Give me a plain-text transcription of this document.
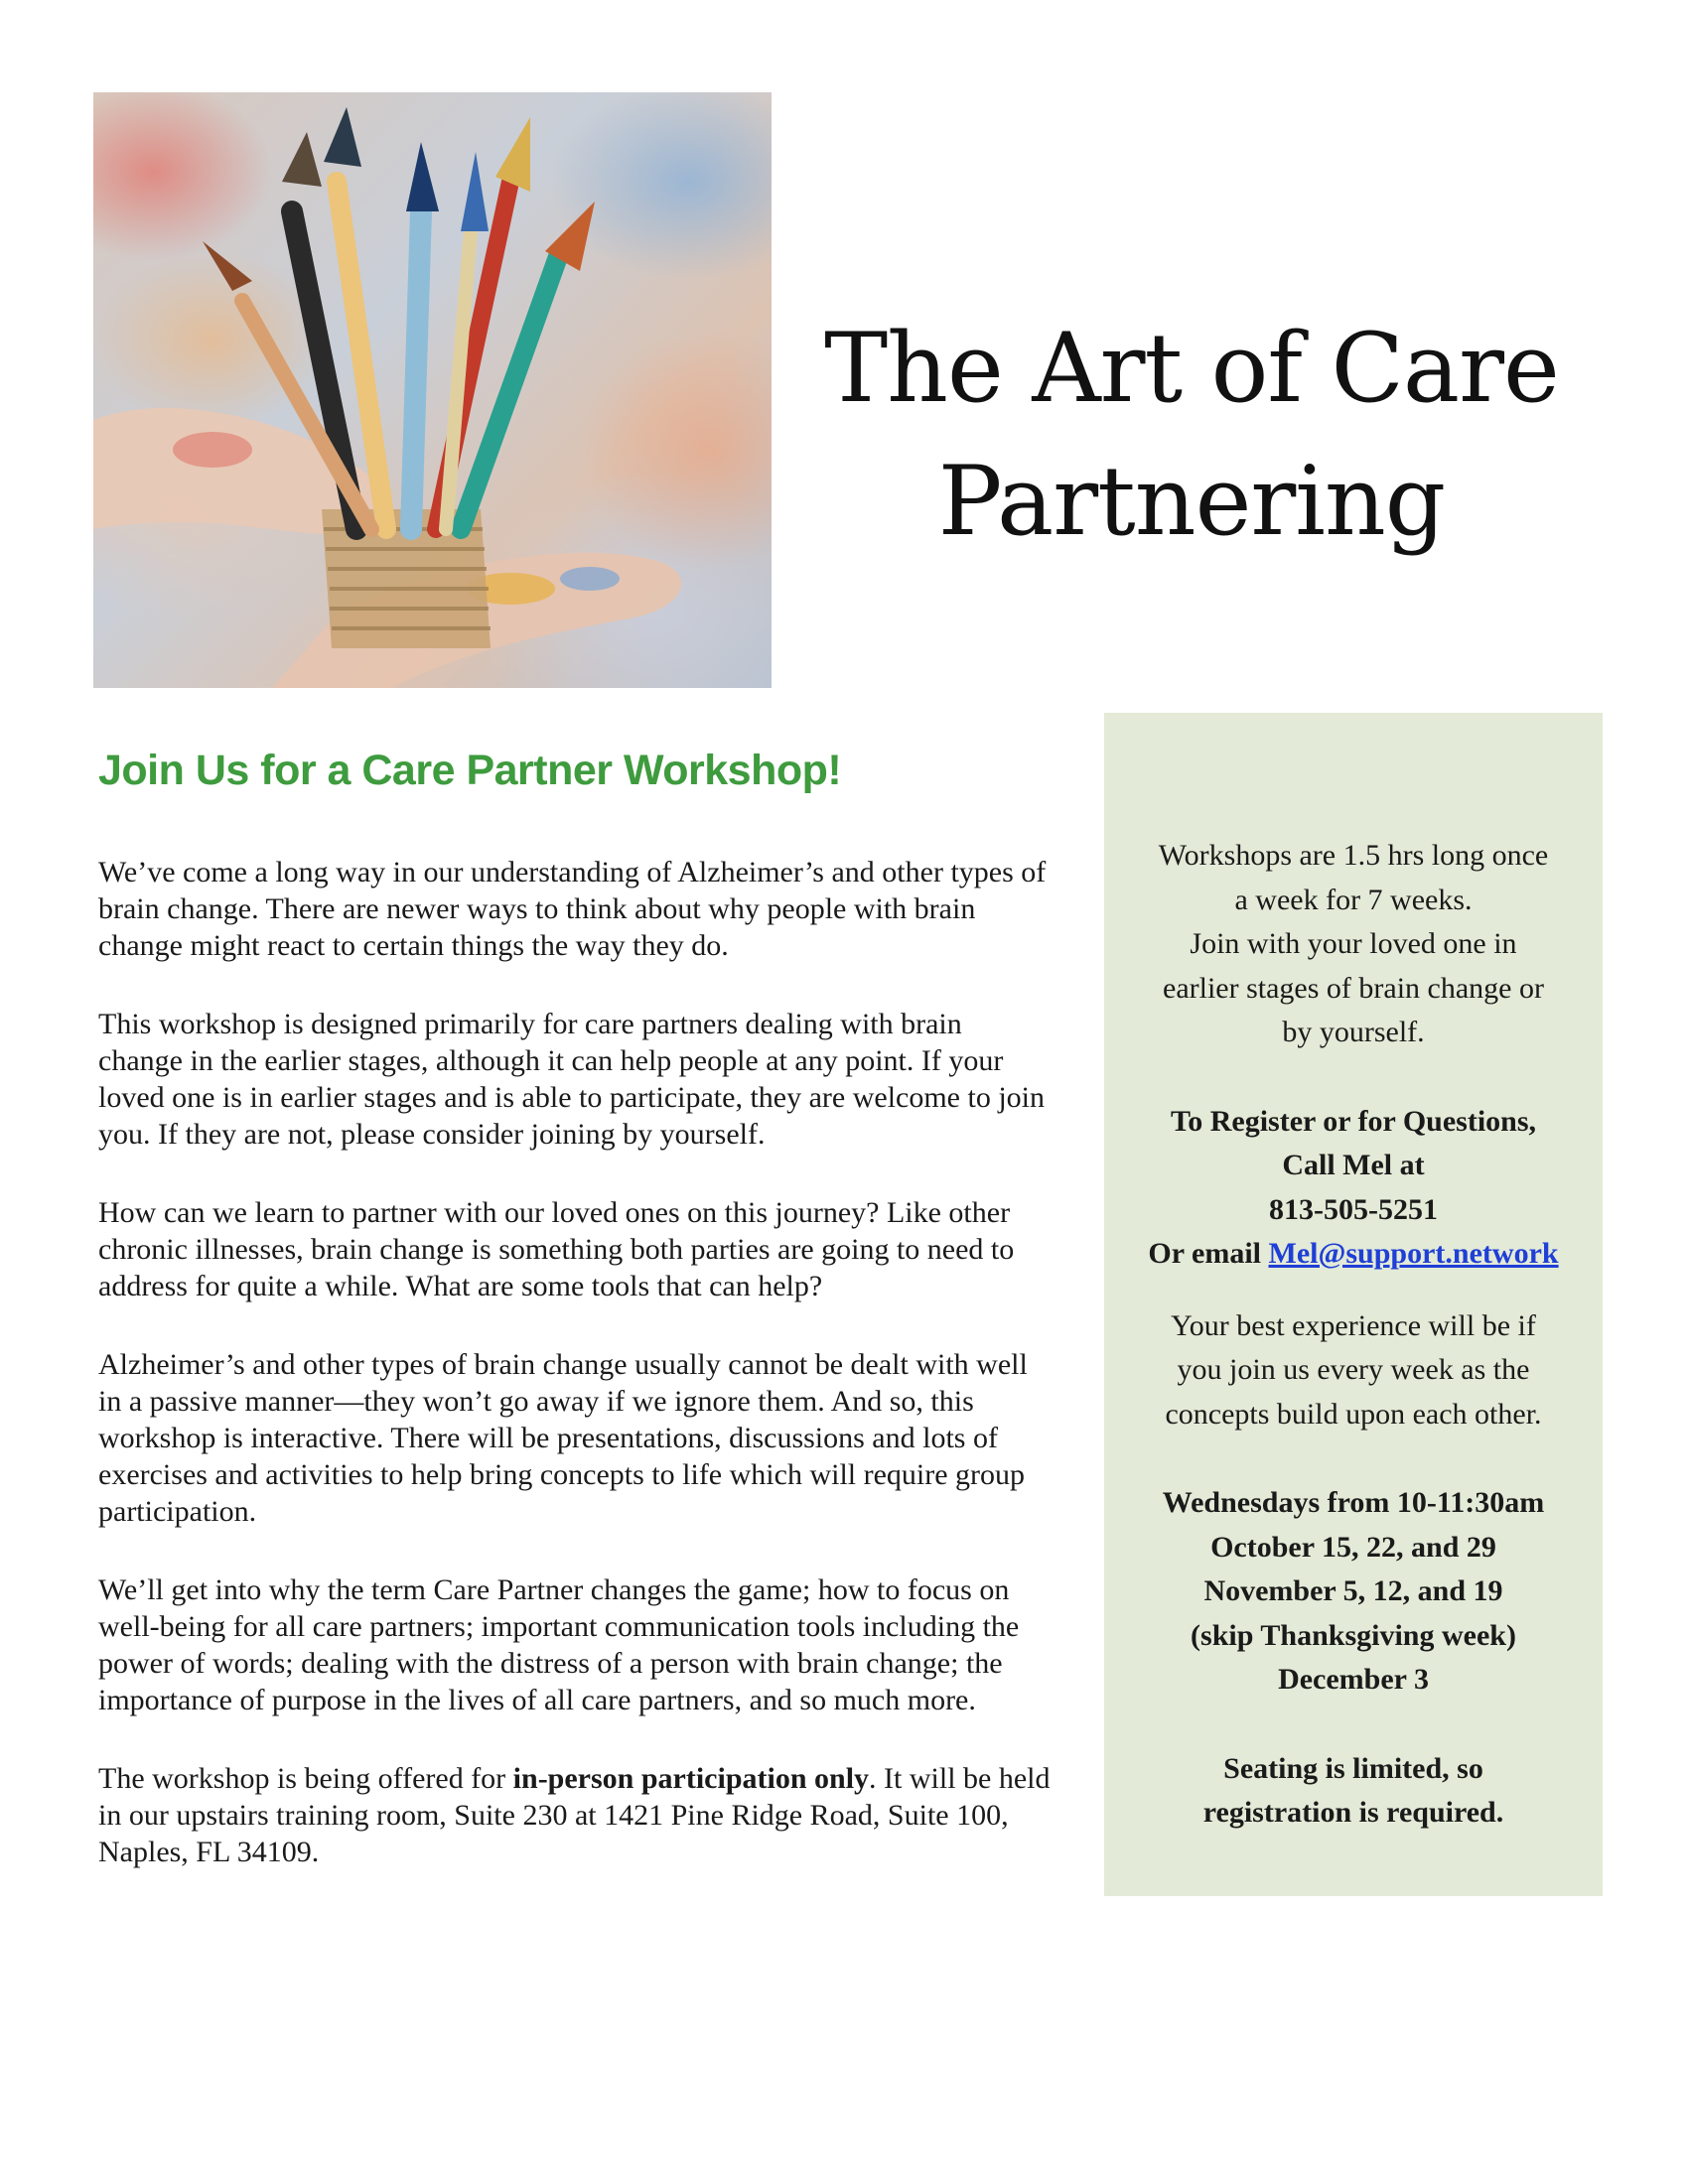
The Art of Care
Partnering
Join Us for a Care Partner Workshop!

We’ve come a long way in our understanding of Alzheimer’s and other types of brain change. There are newer ways to think about why people with brain change might react to certain things the way they do.

This workshop is designed primarily for care partners dealing with brain change in the earlier stages, although it can help people at any point. If your loved one is in earlier stages and is able to participate, they are welcome to join you. If they are not, please consider joining by yourself.

How can we learn to partner with our loved ones on this journey? Like other chronic illnesses, brain change is something both parties are going to need to address for quite a while. What are some tools that can help?

Alzheimer’s and other types of brain change usually cannot be dealt with well in a passive manner—they won’t go away if we ignore them. And so, this workshop is interactive. There will be presentations, discussions and lots of exercises and activities to help bring concepts to life which will require group participation.

We’ll get into why the term Care Partner changes the game; how to focus on well-being for all care partners; important communication tools including the power of words; dealing with the distress of a person with brain change; the importance of purpose in the lives of all care partners, and so much more.

The workshop is being offered for in-person participation only. It will be held in our upstairs training room, Suite 230 at 1421 Pine Ridge Road, Suite 100, Naples, FL 34109.

Workshops are 1.5 hrs long once

a week for 7 weeks.

Join with your loved one in

earlier stages of brain change or

by yourself.

To Register or for Questions,

Call Mel at

813-505-5251

Or email Mel@support.network

Your best experience will be if

you join us every week as the

concepts build upon each other.

Wednesdays from 10-11:30am

October 15, 22, and 29

November 5, 12, and 19

(skip Thanksgiving week)

December 3

Seating is limited, so

registration is required.
